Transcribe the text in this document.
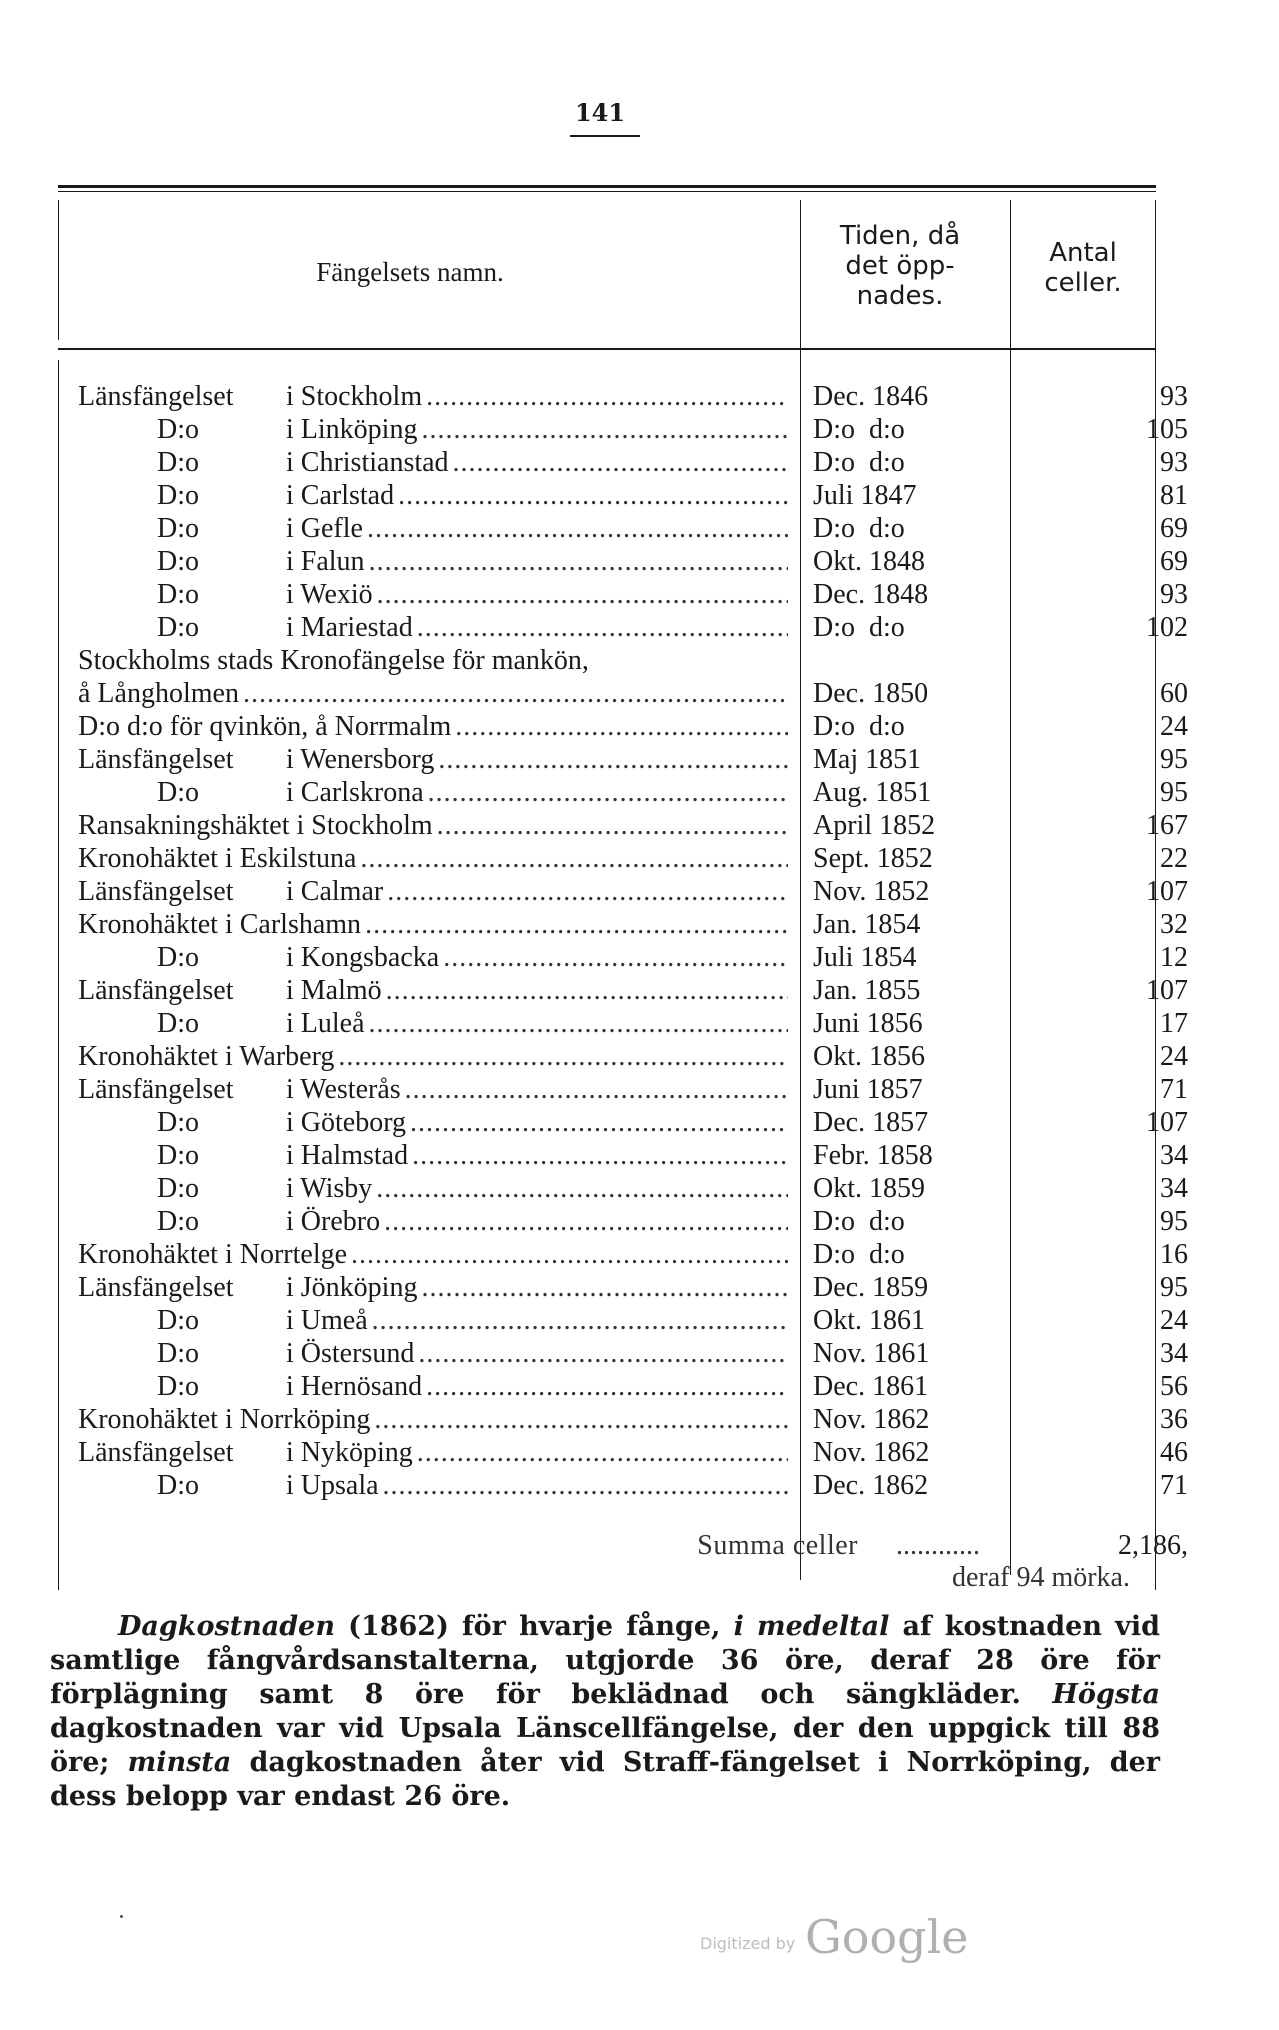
141
Fängelsets namn.
Tiden, då
det öpp-
nades.
Antal
celler.
Länsfängelset	i Stockholm .....	Dec. 1846	93
D:o	i Linköping .....	D:o  d:o	105
D:o	i Christianstad .....	D:o  d:o	93
D:o	i Carlstad .....	Juli 1847	81
D:o	i Gefle .....	D:o  d:o	69
D:o	i Falun .....	Okt. 1848	69
D:o	i Wexiö .....	Dec. 1848	93
D:o	i Mariestad .....	D:o  d:o	102
Stockholms stads Kronofängelse för mankön,
å Långholmen .....	Dec. 1850	60
D:o d:o för qvinkön, å Norrmalm .....	D:o  d:o	24
Länsfängelset	i Wenersborg .....	Maj 1851	95
D:o	i Carlskrona .....	Aug. 1851	95
Ransakningshäktet i Stockholm .....	April 1852	167
Kronohäktet i Eskilstuna .....	Sept. 1852	22
Länsfängelset	i Calmar .....	Nov. 1852	107
Kronohäktet i Carlshamn .....	Jan. 1854	32
D:o	i Kongsbacka .....	Juli 1854	12
Länsfängelset	i Malmö .....	Jan. 1855	107
D:o	i Luleå .....	Juni 1856	17
Kronohäktet i Warberg .....	Okt. 1856	24
Länsfängelset	i Westerås .....	Juni 1857	71
D:o	i Göteborg .....	Dec. 1857	107
D:o	i Halmstad .....	Febr. 1858	34
D:o	i Wisby .....	Okt. 1859	34
D:o	i Örebro .....	D:o  d:o	95
Kronohäktet i Norrtelge .....	D:o  d:o	16
Länsfängelset	i Jönköping .....	Dec. 1859	95
D:o	i Umeå .....	Okt. 1861	24
D:o	i Östersund .....	Nov. 1861	34
D:o	i Hernösand .....	Dec. 1861	56
Kronohäktet i Norrköping .....	Nov. 1862	36
Länsfängelset	i Nyköping .....	Nov. 1862	46
D:o	i Upsala .....	Dec. 1862	71
Summa celler	............	2,186,
deraf 94 mörka.
Dagkostnaden (1862) för hvarje fånge, i medeltal af kostnaden vid samtlige fångvårdsanstalterna, utgjorde 36 öre, deraf 28 öre för förplägning samt 8 öre för beklädnad och sängkläder. Högsta dagkostnaden var vid Upsala Länscellfängelse, der den uppgick till 88 öre; minsta dagkostnaden åter vid Straff-fängelset i Norrköping, der dess belopp var endast 26 öre.
Digitized by Google
